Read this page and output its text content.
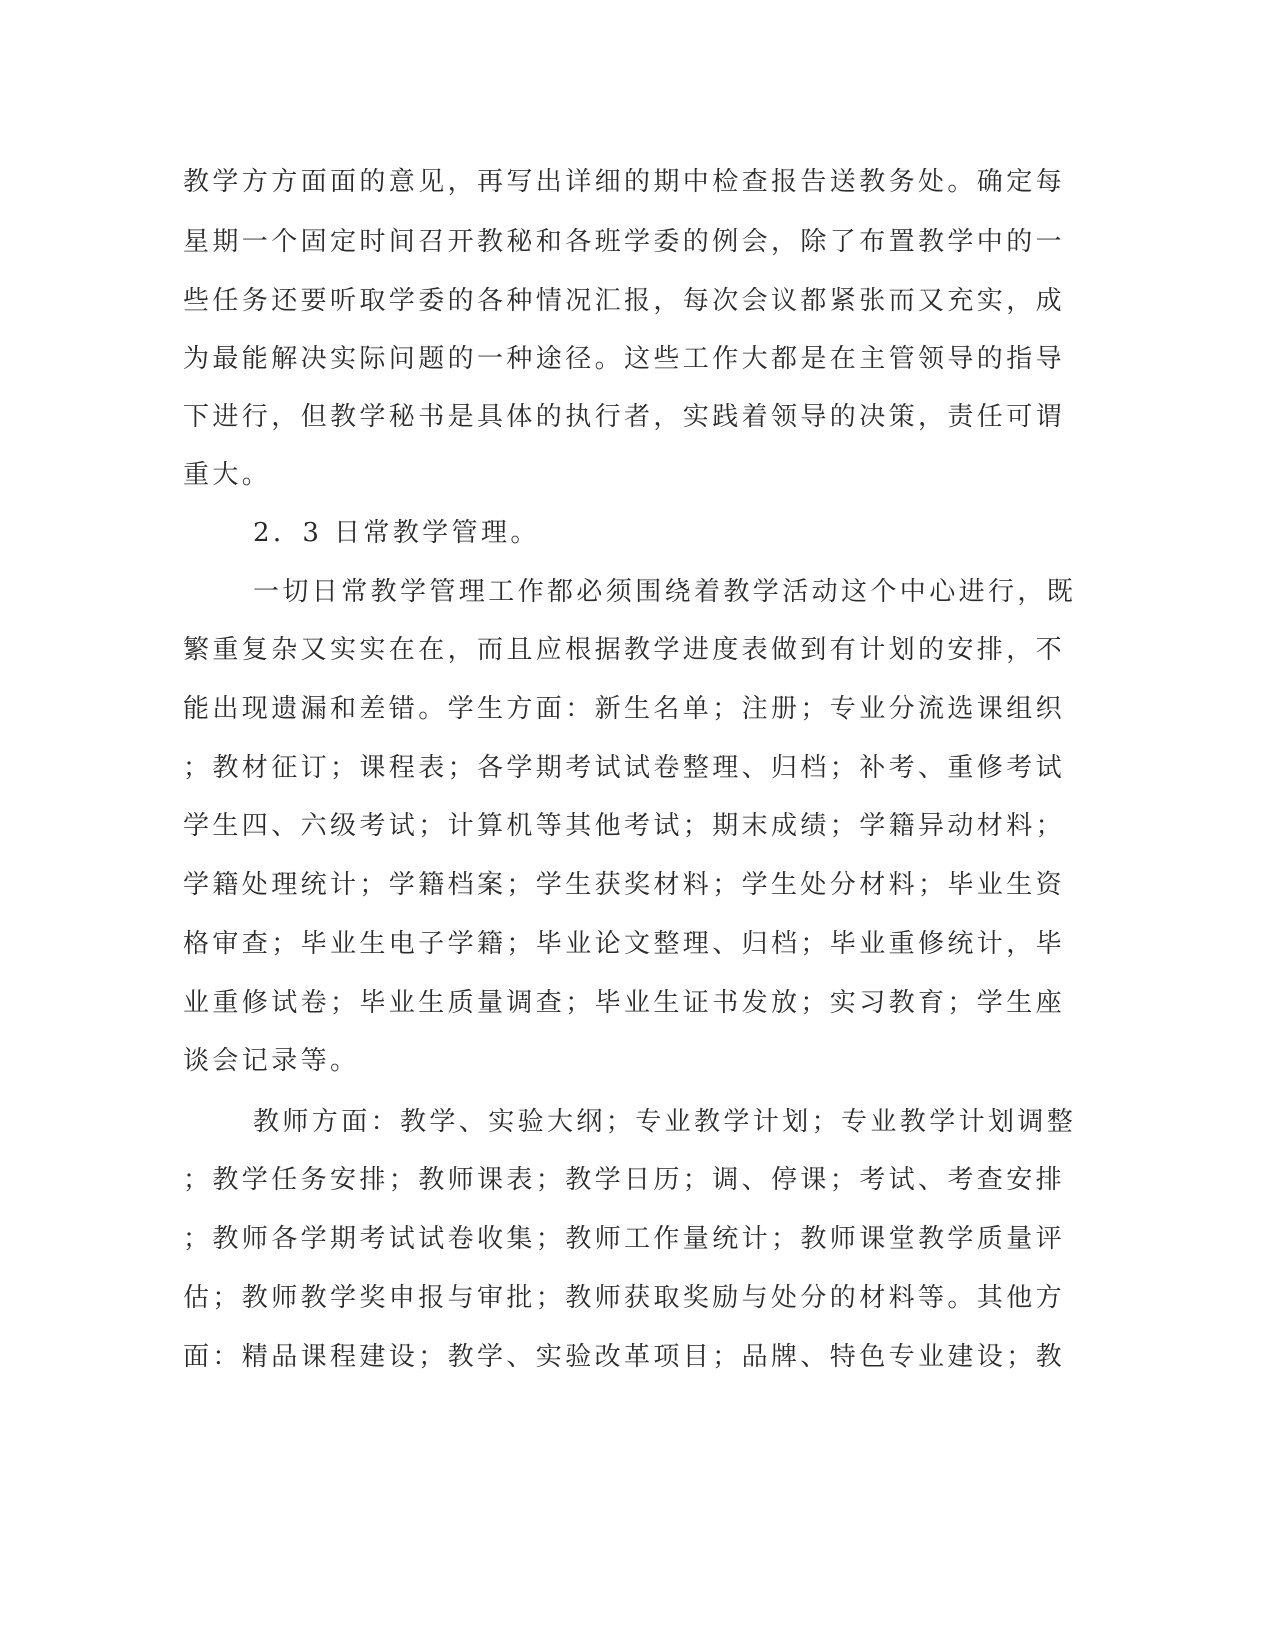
教学方方面面的意见，再写出详细的期中检查报告送教务处。确定每
星期一个固定时间召开教秘和各班学委的例会，除了布置教学中的一
些任务还要听取学委的各种情况汇报，每次会议都紧张而又充实，成
为最能解决实际问题的一种途径。这些工作大都是在主管领导的指导
下进行，但教学秘书是具体的执行者，实践着领导的决策，责任可谓
重大。
2．3 日常教学管理。
一切日常教学管理工作都必须围绕着教学活动这个中心进行，既
繁重复杂又实实在在，而且应根据教学进度表做到有计划的安排，不
能出现遗漏和差错。学生方面：新生名单；注册；专业分流选课组织
；教材征订；课程表；各学期考试试卷整理、归档；补考、重修考试
学生四、六级考试；计算机等其他考试；期末成绩；学籍异动材料；
学籍处理统计；学籍档案；学生获奖材料；学生处分材料；毕业生资
格审查；毕业生电子学籍；毕业论文整理、归档；毕业重修统计，毕
业重修试卷；毕业生质量调查；毕业生证书发放；实习教育；学生座
谈会记录等。
教师方面：教学、实验大纲；专业教学计划；专业教学计划调整
；教学任务安排；教师课表；教学日历；调、停课；考试、考查安排
；教师各学期考试试卷收集；教师工作量统计；教师课堂教学质量评
估；教师教学奖申报与审批；教师获取奖励与处分的材料等。其他方
面：精品课程建设；教学、实验改革项目；品牌、特色专业建设；教
